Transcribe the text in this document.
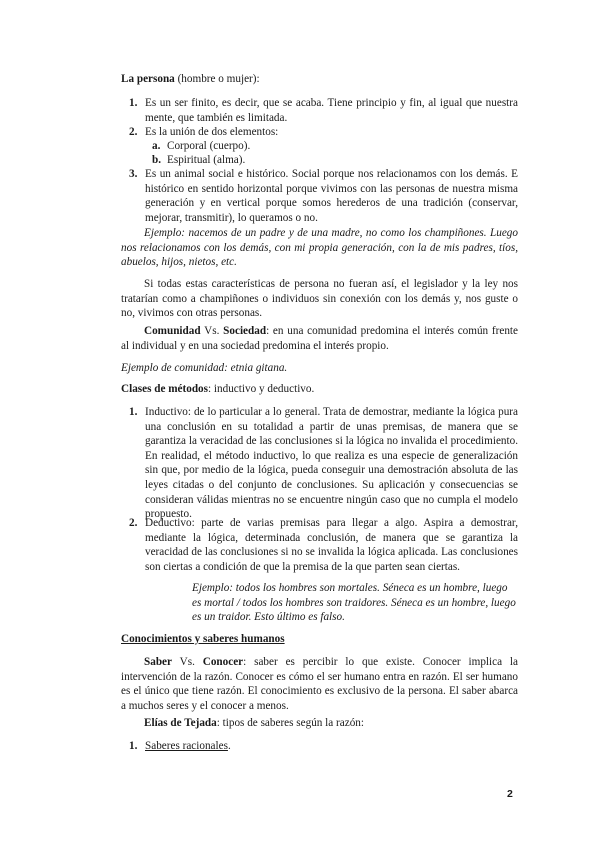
La persona (hombre o mujer):

1. Es un ser finito, es decir, que se acaba. Tiene principio y fin, al igual que nuestra mente, que también es limitada.

2. Es la unión de dos elementos:

a. Corporal (cuerpo).

b. Espiritual (alma).

3. Es un animal social e histórico. Social porque nos relacionamos con los demás. E histórico en sentido horizontal porque vivimos con las personas de nuestra misma generación y en vertical porque somos herederos de una tradición (conservar, mejorar, transmitir), lo queramos o no.

Ejemplo: nacemos de un padre y de una madre, no como los champiñones. Luego nos relacionamos con los demás, con mi propia generación, con la de mis padres, tíos, abuelos, hijos, nietos, etc.

Si todas estas características de persona no fueran así, el legislador y la ley nos tratarían como a champiñones o individuos sin conexión con los demás y, nos guste o no, vivimos con otras personas.

Comunidad Vs. Sociedad: en una comunidad predomina el interés común frente al individual y en una sociedad predomina el interés propio.

Ejemplo de comunidad: etnia gitana.

Clases de métodos: inductivo y deductivo.

1. Inductivo: de lo particular a lo general. Trata de demostrar, mediante la lógica pura una conclusión en su totalidad a partir de unas premisas, de manera que se garantiza la veracidad de las conclusiones si la lógica no invalida el procedimiento. En realidad, el método inductivo, lo que realiza es una especie de generalización sin que, por medio de la lógica, pueda conseguir una demostración absoluta de las leyes citadas o del conjunto de conclusiones. Su aplicación y consecuencias se consideran válidas mientras no se encuentre ningún caso que no cumpla el modelo propuesto.

2. Deductivo: parte de varias premisas para llegar a algo. Aspira a demostrar, mediante la lógica, determinada conclusión, de manera que se garantiza la veracidad de las conclusiones si no se invalida la lógica aplicada. Las conclusiones son ciertas a condición de que la premisa de la que parten sean ciertas.

Ejemplo: todos los hombres son mortales. Séneca es un hombre, luego es mortal / todos los hombres son traidores. Séneca es un hombre, luego es un traidor. Esto último es falso.

Conocimientos y saberes humanos

Saber Vs. Conocer: saber es percibir lo que existe. Conocer implica la intervención de la razón. Conocer es cómo el ser humano entra en razón. El ser humano es el único que tiene razón. El conocimiento es exclusivo de la persona. El saber abarca a muchos seres y el conocer a menos.

Elías de Tejada: tipos de saberes según la razón:

1. Saberes racionales.

2
